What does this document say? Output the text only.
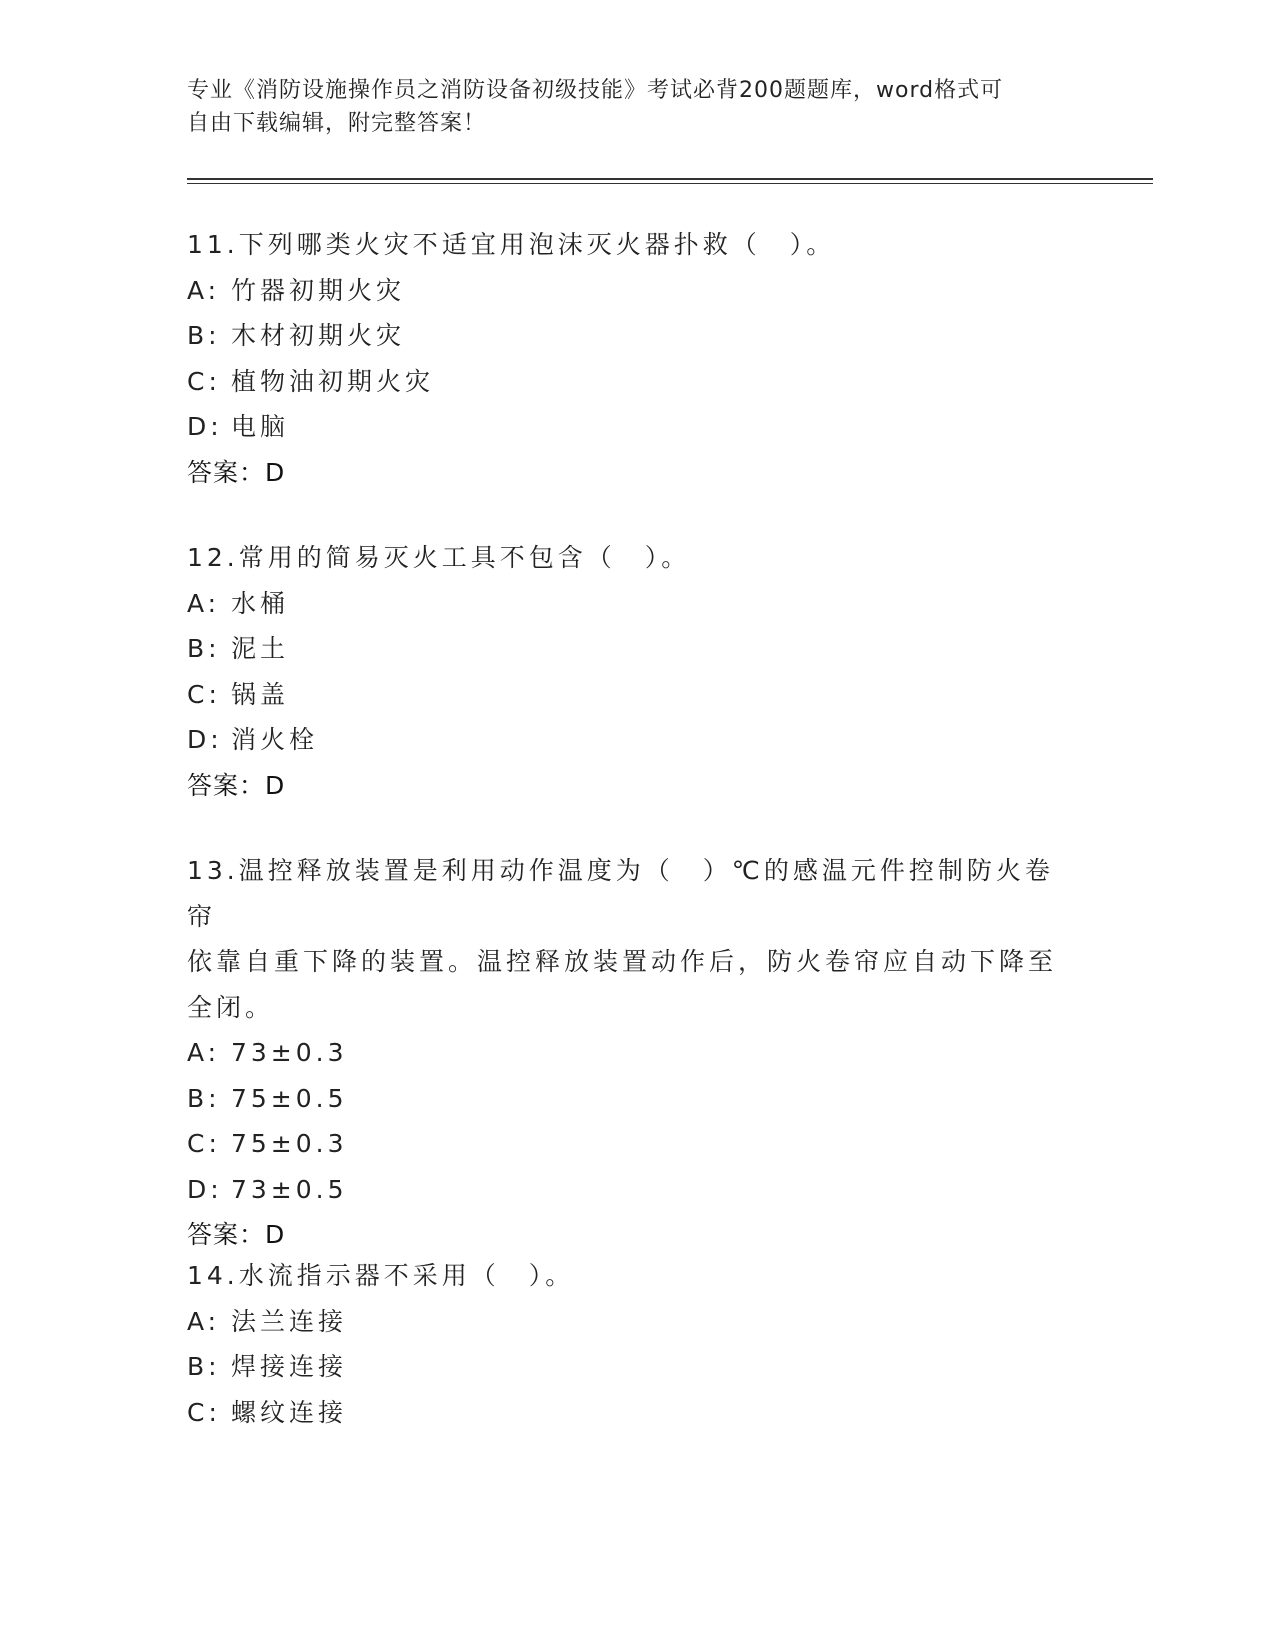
专业《消防设施操作员之消防设备初级技能》考试必背200题题库，word格式可
自由下载编辑，附完整答案！
11.下列哪类火灾不适宜用泡沫灭火器扑救（　）。
A: 竹器初期火灾
B: 木材初期火灾
C: 植物油初期火灾
D: 电脑
答案：D
12.常用的简易灭火工具不包含（　）。
A: 水桶
B: 泥土
C: 锅盖
D: 消火栓
答案：D
13.温控释放装置是利用动作温度为（　）℃的感温元件控制防火卷帘
依靠自重下降的装置。温控释放装置动作后，防火卷帘应自动下降至
全闭。
A: 73±0.3
B: 75±0.5
C: 75±0.3
D: 73±0.5
答案：D
14.水流指示器不采用（　）。
A: 法兰连接
B: 焊接连接
C: 螺纹连接
